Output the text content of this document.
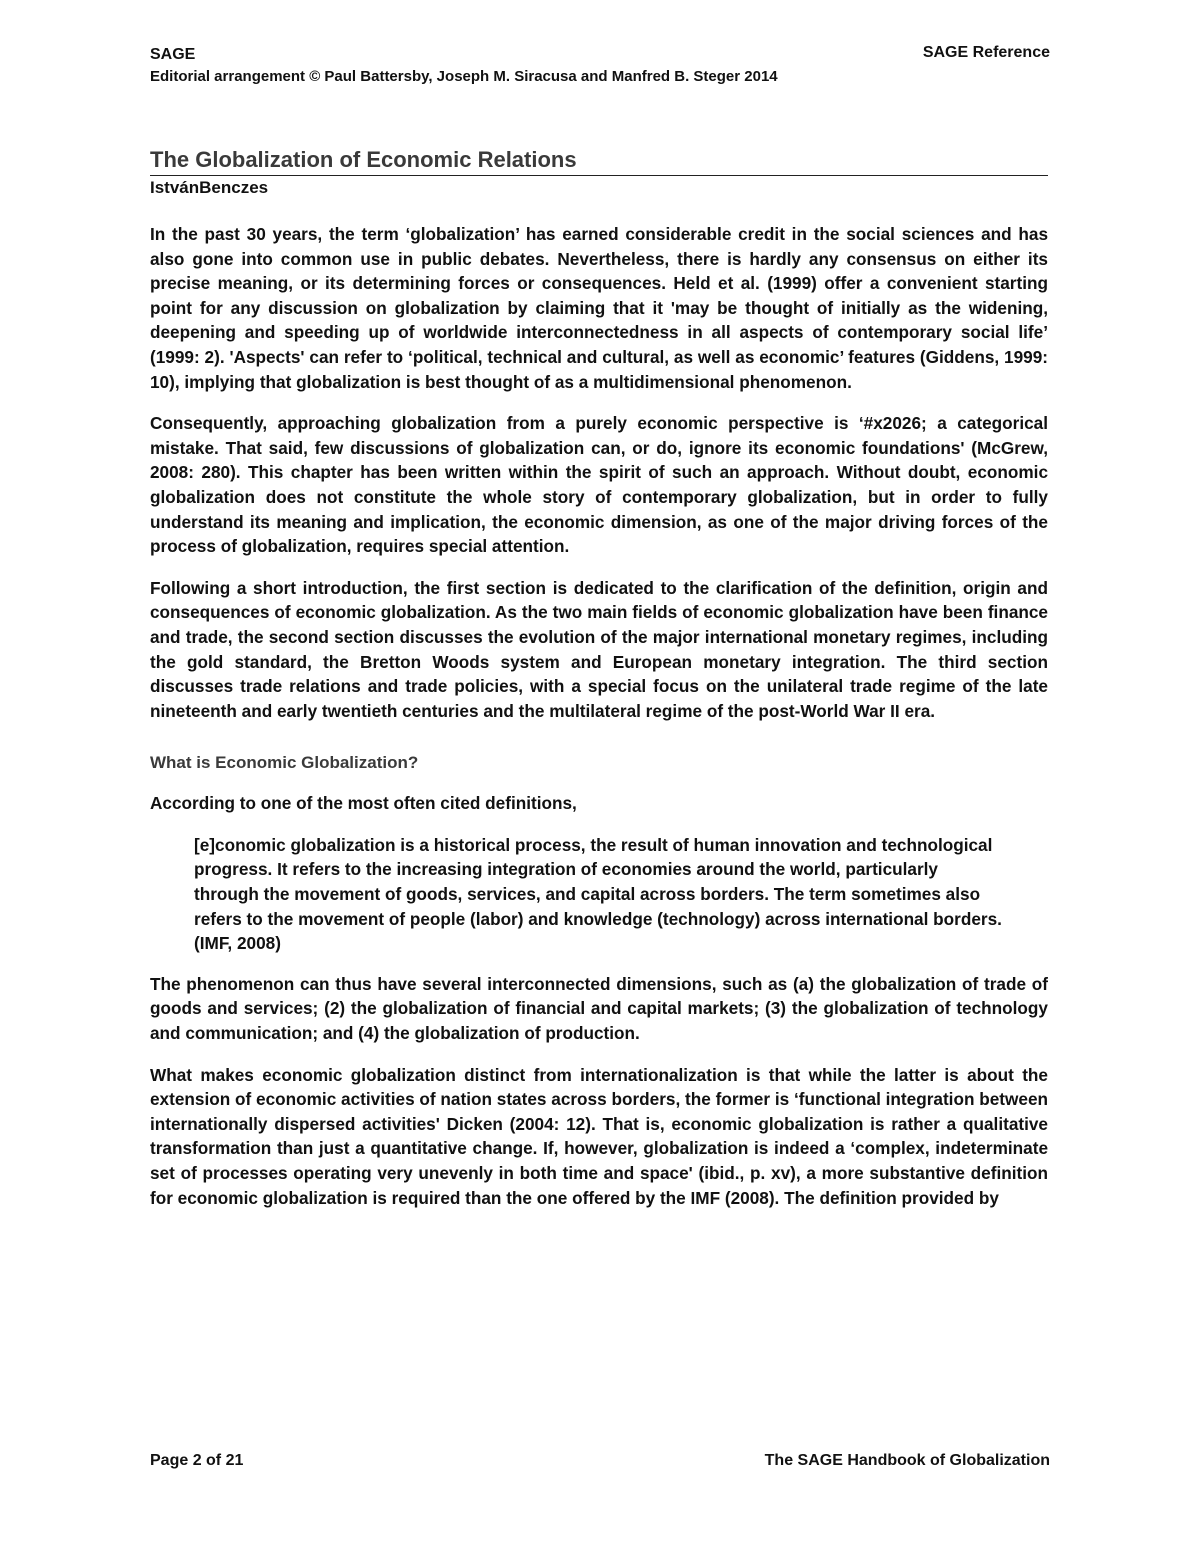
SAGE
Editorial arrangement © Paul Battersby, Joseph M. Siracusa and Manfred B. Steger 2014
SAGE Reference
The Globalization of Economic Relations
IstvánBenczes

In the past 30 years, the term ‘globalization’ has earned considerable credit in the social sciences and has also gone into common use in public debates. Nevertheless, there is hardly any consensus on either its precise meaning, or its determining forces or consequences. Held et al. (1999) offer a convenient starting point for any discussion on globalization by claiming that it 'may be thought of initially as the widening, deepening and speeding up of worldwide interconnectedness in all aspects of contemporary social life’ (1999: 2). 'Aspects' can refer to ‘political, technical and cultural, as well as economic’ features (Giddens, 1999: 10), implying that globalization is best thought of as a multidimensional phenomenon.

Consequently, approaching globalization from a purely economic perspective is ‘#x2026; a categorical mistake. That said, few discussions of globalization can, or do, ignore its economic foundations' (McGrew, 2008: 280). This chapter has been written within the spirit of such an approach. Without doubt, economic globalization does not constitute the whole story of contemporary globalization, but in order to fully understand its meaning and implication, the economic dimension, as one of the major driving forces of the process of globalization, requires special attention.

Following a short introduction, the first section is dedicated to the clarification of the definition, origin and consequences of economic globalization. As the two main fields of economic globalization have been finance and trade, the second section discusses the evolution of the major international monetary regimes, including the gold standard, the Bretton Woods system and European monetary integration. The third section discusses trade relations and trade policies, with a special focus on the unilateral trade regime of the late nineteenth and early twentieth centuries and the multilateral regime of the post-World War II era.

What is Economic Globalization?

According to one of the most often cited definitions,

[e]conomic globalization is a historical process, the result of human innovation and technological progress. It refers to the increasing integration of economies around the world, particularly through the movement of goods, services, and capital across borders. The term sometimes also refers to the movement of people (labor) and knowledge (technology) across international borders. (IMF, 2008)

The phenomenon can thus have several interconnected dimensions, such as (a) the globalization of trade of goods and services; (2) the globalization of financial and capital markets; (3) the globalization of technology and communication; and (4) the globalization of production.

What makes economic globalization distinct from internationalization is that while the latter is about the extension of economic activities of nation states across borders, the former is ‘functional integration between internationally dispersed activities' Dicken (2004: 12). That is, economic globalization is rather a qualitative transformation than just a quantitative change. If, however, globalization is indeed a ‘complex, indeterminate set of processes operating very unevenly in both time and space' (ibid., p. xv), a more substantive definition for economic globalization is required than the one offered by the IMF (2008). The definition provided by

Page 2 of 21	The SAGE Handbook of Globalization
